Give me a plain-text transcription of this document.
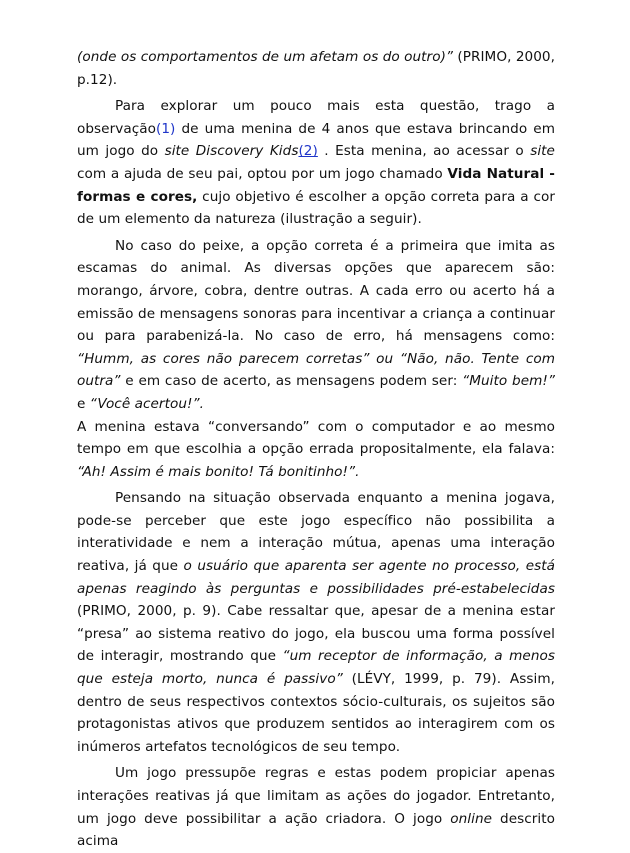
(onde os comportamentos de um afetam os do outro)” (PRIMO, 2000, p.12).

Para explorar um pouco mais esta questão, trago a observação(1) de uma menina de 4 anos que estava brincando em um jogo do site Discovery Kids(2) . Esta menina, ao acessar o site com a ajuda de seu pai, optou por um jogo chamado Vida Natural - formas e cores, cujo objetivo é escolher a opção correta para a cor de um elemento da natureza (ilustração a seguir).

No caso do peixe, a opção correta é a primeira que imita as escamas do animal. As diversas opções que aparecem são: morango, árvore, cobra, dentre outras. A cada erro ou acerto há a emissão de mensagens sonoras para incentivar a criança a continuar ou para parabenizá-la. No caso de erro, há mensagens como: “Humm, as cores não parecem corretas” ou “Não, não. Tente com outra” e em caso de acerto, as mensagens podem ser: “Muito bem!” e “Você acertou!”.

A menina estava “conversando” com o computador e ao mesmo tempo em que escolhia a opção errada propositalmente, ela falava: “Ah! Assim é mais bonito! Tá bonitinho!”.

Pensando na situação observada enquanto a menina jogava, pode-se perceber que este jogo específico não possibilita a interatividade e nem a interação mútua, apenas uma interação reativa, já que o usuário que aparenta ser agente no processo, está apenas reagindo às perguntas e possibilidades pré-estabelecidas (PRIMO, 2000, p. 9). Cabe ressaltar que, apesar de a menina estar “presa” ao sistema reativo do jogo, ela buscou uma forma possível de interagir, mostrando que “um receptor de informação, a menos que esteja morto, nunca é passivo” (LÉVY, 1999, p. 79). Assim, dentro de seus respectivos contextos sócio-culturais, os sujeitos são protagonistas ativos que produzem sentidos ao interagirem com os inúmeros artefatos tecnológicos de seu tempo.

Um jogo pressupõe regras e estas podem propiciar apenas interações reativas já que limitam as ações do jogador. Entretanto, um jogo deve possibilitar a ação criadora. O jogo online descrito acima
